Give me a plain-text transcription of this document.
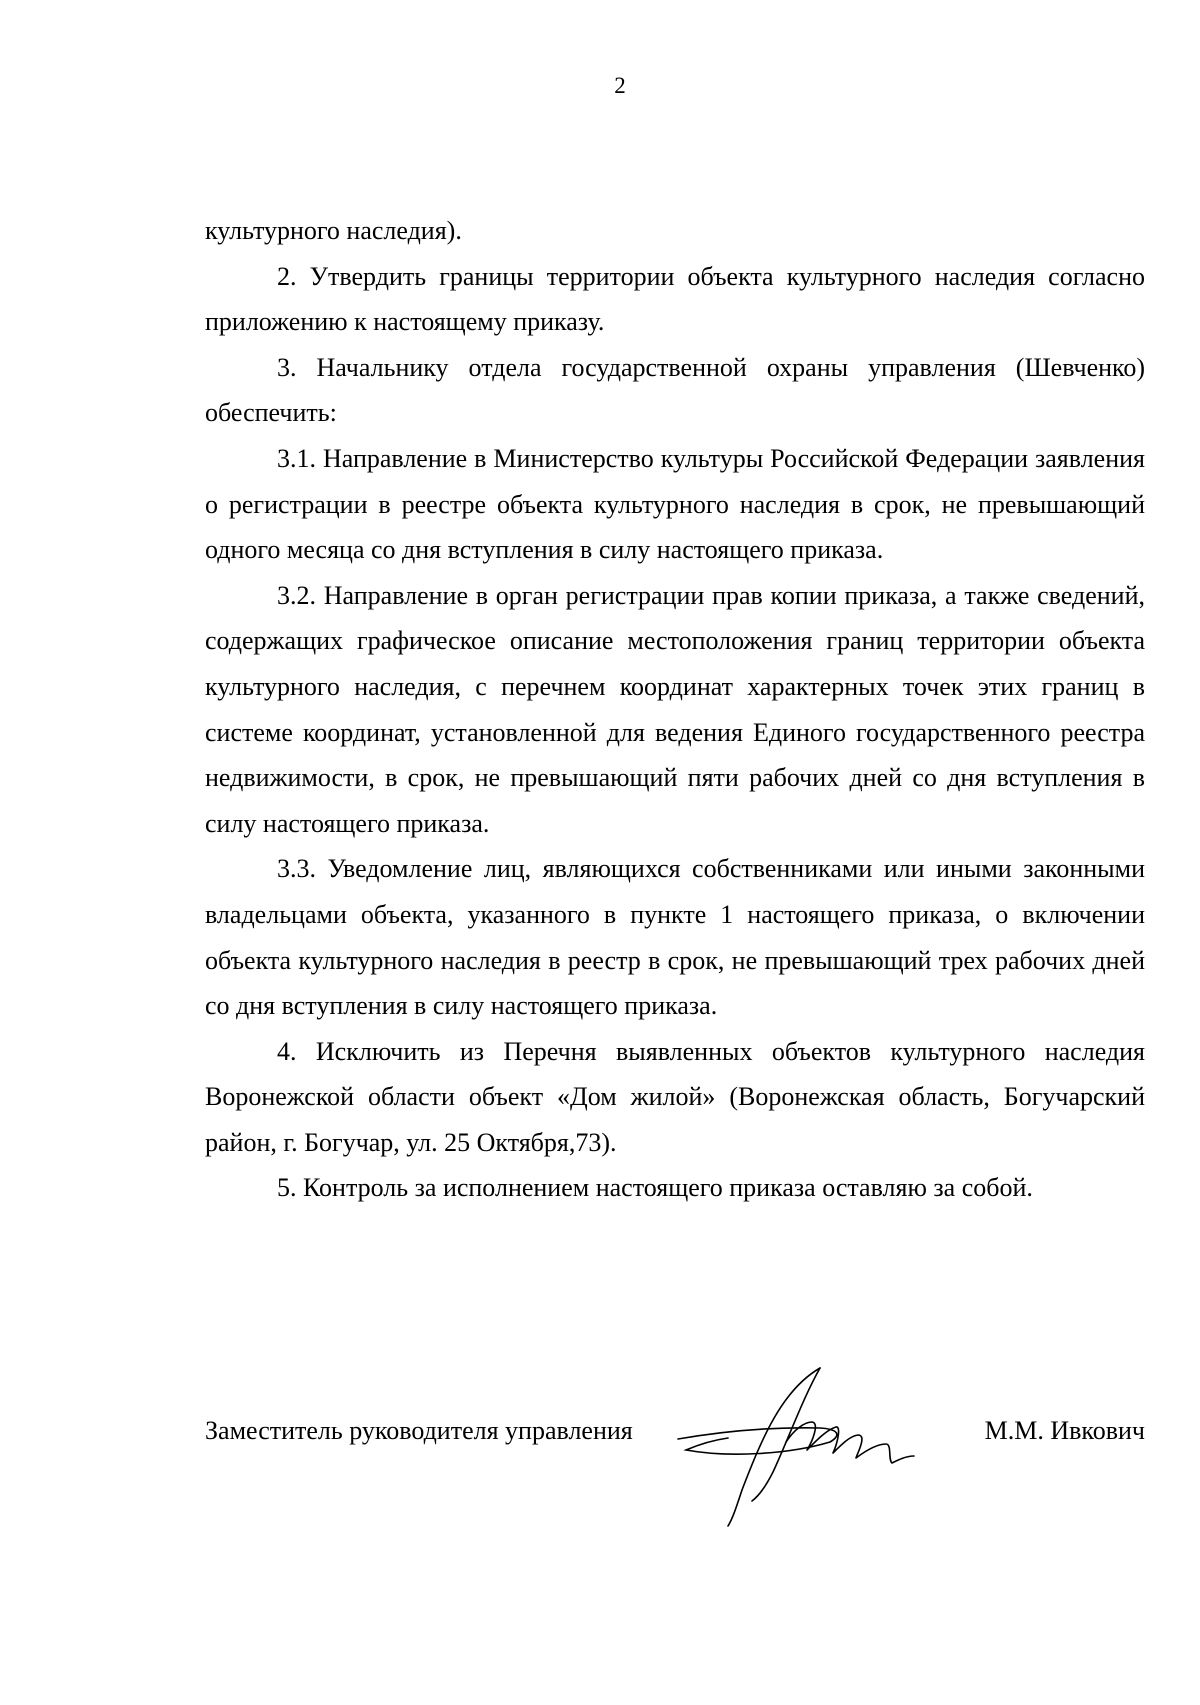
2

культурного наследия).

2. Утвердить границы территории объекта культурного наследия согласно приложению к настоящему приказу.

3. Начальнику отдела государственной охраны управления (Шевченко) обеспечить:

3.1. Направление в Министерство культуры Российской Федерации заявления о регистрации в реестре объекта культурного наследия в срок, не превышающий одного месяца со дня вступления в силу настоящего приказа.

3.2. Направление в орган регистрации прав копии приказа, а также сведений, содержащих графическое описание местоположения границ территории объекта культурного наследия, с перечнем координат характерных точек этих границ в системе координат, установленной для ведения Единого государственного реестра недвижимости, в срок, не превышающий пяти рабочих дней со дня вступления в силу настоящего приказа.

3.3. Уведомление лиц, являющихся собственниками или иными законными владельцами объекта, указанного в пункте 1 настоящего приказа, о включении объекта культурного наследия в реестр в срок, не превышающий трех рабочих дней со дня вступления в силу настоящего приказа.

4. Исключить из Перечня выявленных объектов культурного наследия Воронежской области объект «Дом жилой» (Воронежская область, Богучарский район, г. Богучар, ул. 25 Октября,73).

5. Контроль за исполнением настоящего приказа оставляю за собой.

Заместитель руководителя управления	М.М. Ивкович
